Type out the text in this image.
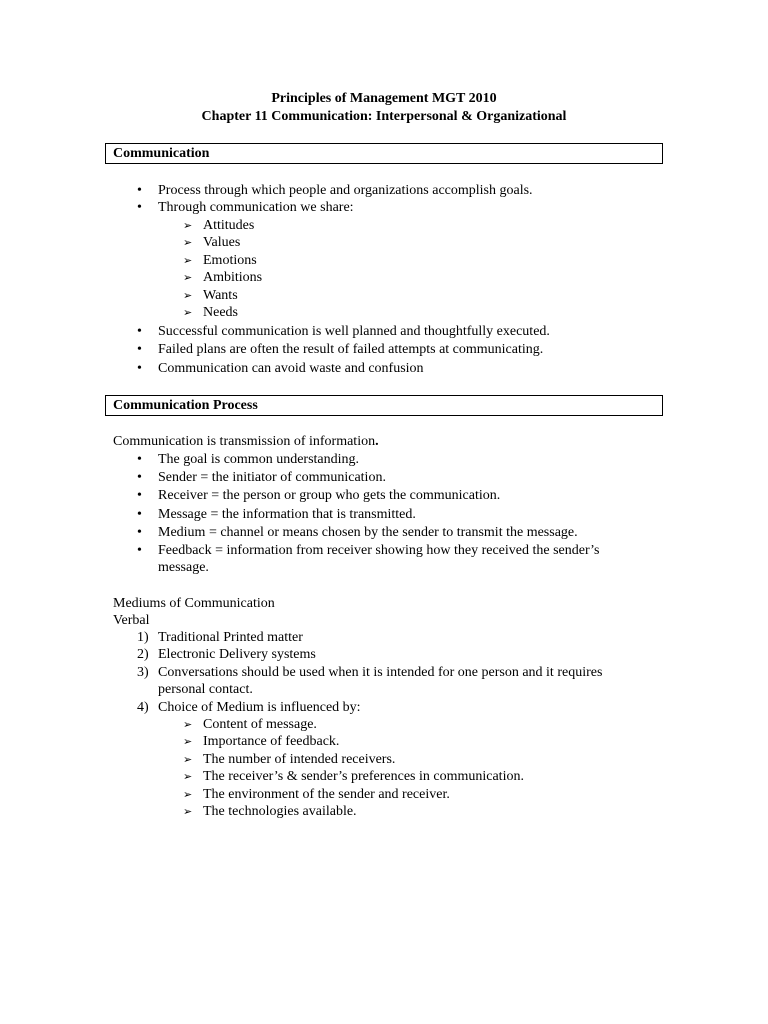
Principles of Management MGT 2010
Chapter 11 Communication: Interpersonal & Organizational
Communication
• Process through which people and organizations accomplish goals.
• Through communication we share:
➢ Attitudes
➢ Values
➢ Emotions
➢ Ambitions
➢ Wants
➢ Needs
• Successful communication is well planned and thoughtfully executed.
• Failed plans are often the result of failed attempts at communicating.
• Communication can avoid waste and confusion
Communication Process

Communication is transmission of information.

• The goal is common understanding.
• Sender = the initiator of communication.
• Receiver = the person or group who gets the communication.
• Message = the information that is transmitted.
• Medium = channel or means chosen by the sender to transmit the message.
• Feedback = information from receiver showing how they received the sender’s message.

Mediums of Communication

Verbal

1) Traditional Printed matter
2) Electronic Delivery systems
3) Conversations should be used when it is intended for one person and it requires personal contact.
4) Choice of Medium is influenced by:
➢ Content of message.
➢ Importance of feedback.
➢ The number of intended receivers.
➢ The receiver’s & sender’s preferences in communication.
➢ The environment of the sender and receiver.
➢ The technologies available.
